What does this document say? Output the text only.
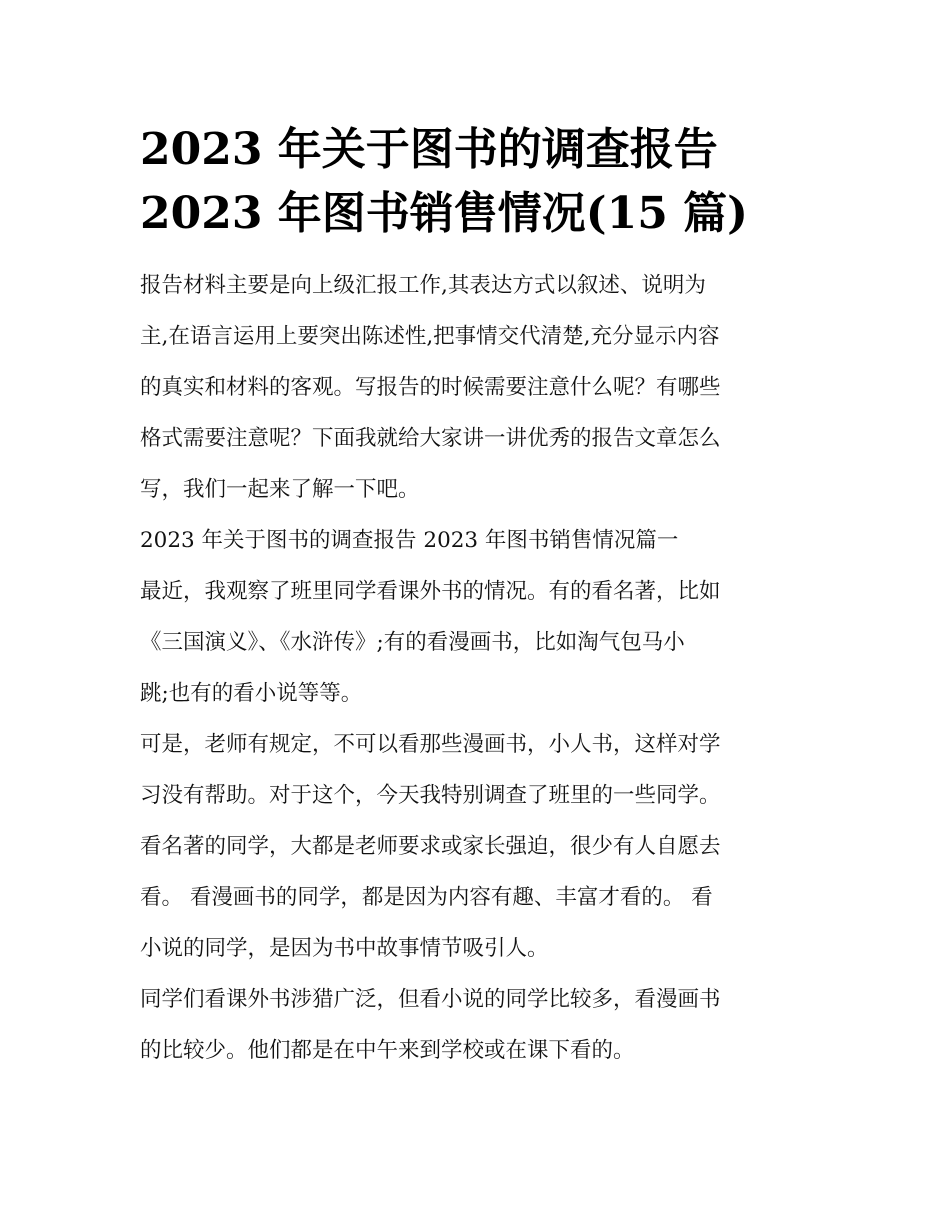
2023 年关于图书的调查报告
2023 年图书销售情况(15 篇)

报告材料主要是向上级汇报工作,其表达方式以叙述、说明为
主,在语言运用上要突出陈述性,把事情交代清楚,充分显示内容
的真实和材料的客观。写报告的时候需要注意什么呢？有哪些
格式需要注意呢？下面我就给大家讲一讲优秀的报告文章怎么
写，我们一起来了解一下吧。

2023 年关于图书的调查报告 2023 年图书销售情况篇一

最近，我观察了班里同学看课外书的情况。有的看名著，比如
《三国演义》、《水浒传》;有的看漫画书，比如淘气包马小
跳;也有的看小说等等。

可是，老师有规定，不可以看那些漫画书，小人书，这样对学
习没有帮助。对于这个，今天我特别调查了班里的一些同学。
看名著的同学，大都是老师要求或家长强迫，很少有人自愿去
看。 看漫画书的同学，都是因为内容有趣、丰富才看的。 看
小说的同学，是因为书中故事情节吸引人。

同学们看课外书涉猎广泛，但看小说的同学比较多，看漫画书
的比较少。他们都是在中午来到学校或在课下看的。
